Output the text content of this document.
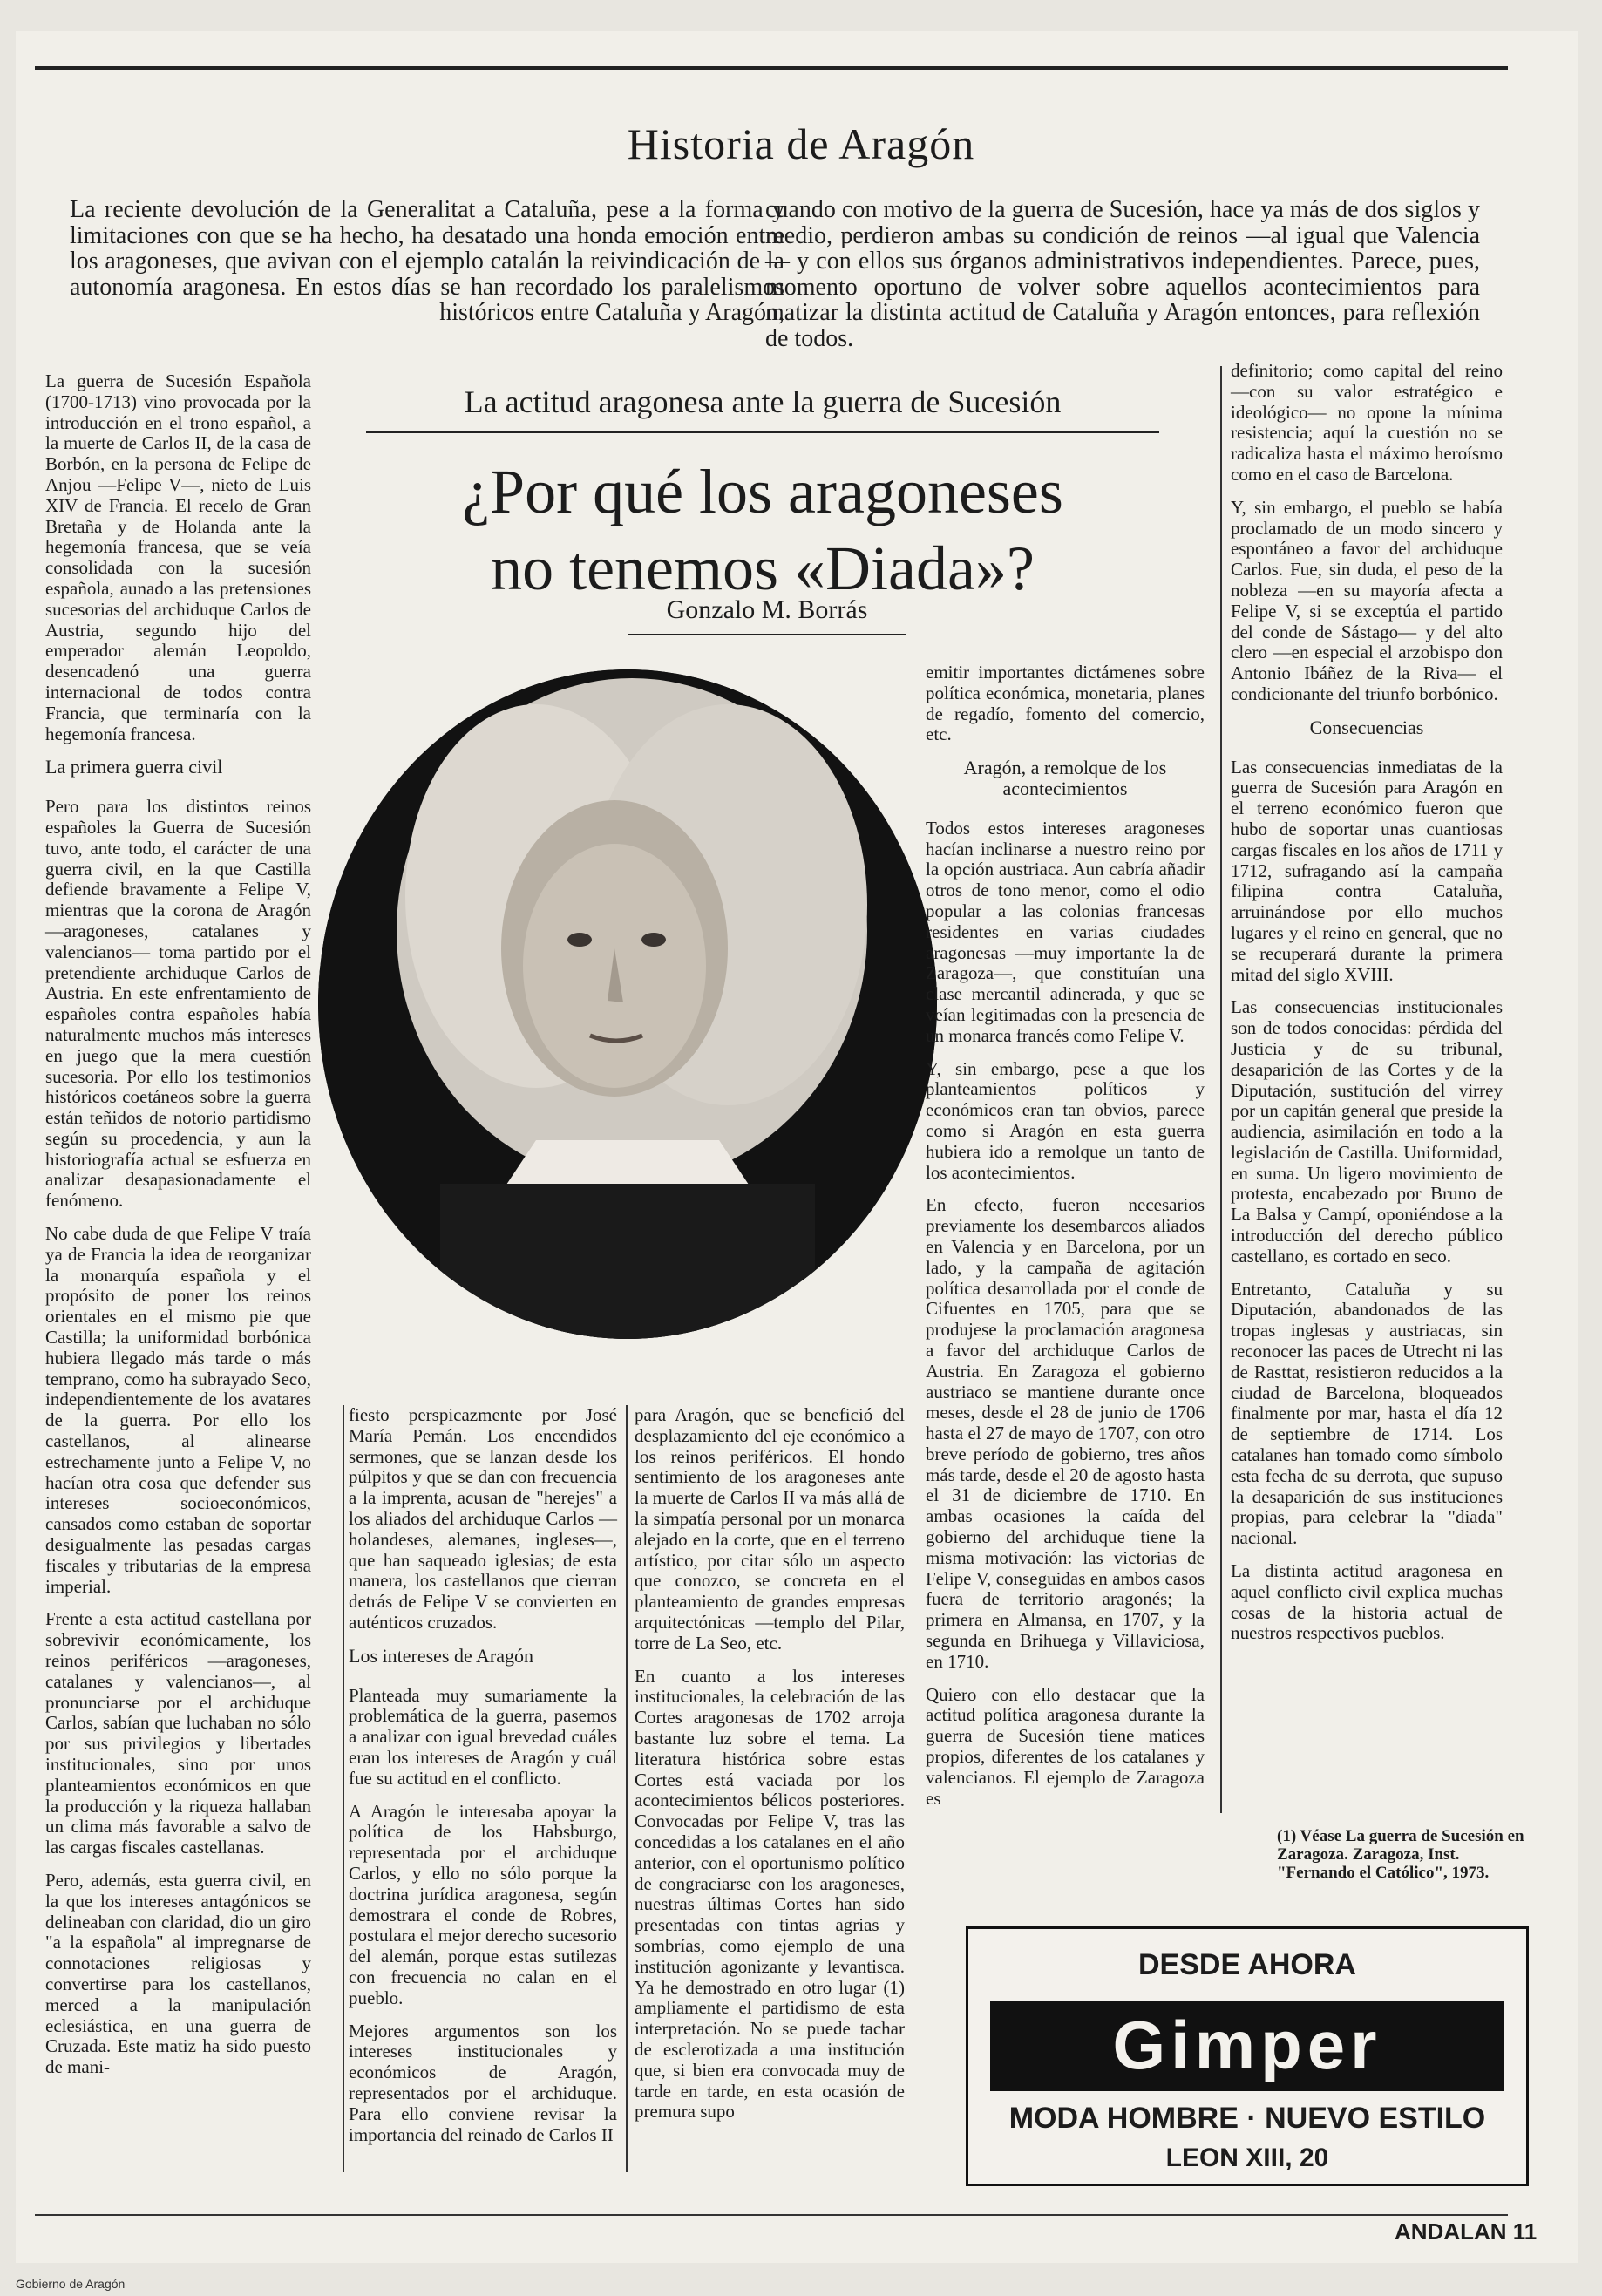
Historia de Aragón
La reciente devolución de la Generalitat a Cataluña, pese a la forma y limitaciones con que se ha hecho, ha desatado una honda emoción entre los aragoneses, que avivan con el ejemplo catalán la reivindicación de la autonomía aragonesa. En estos días se han recordado los paralelismos históricos entre Cataluña y Aragón,
cuando con motivo de la guerra de Sucesión, hace ya más de dos siglos y medio, perdieron ambas su condición de reinos —al igual que Valencia— y con ellos sus órganos administrativos independientes. Parece, pues, momento oportuno de volver sobre aquellos acontecimientos para matizar la distinta actitud de Cataluña y Aragón entonces, para reflexión de todos.
La actitud aragonesa ante la guerra de Sucesión
¿Por qué los aragoneses
no tenemos «Diada»?
Gonzalo M. Borrás

La guerra de Sucesión Española (1700-1713) vino provocada por la introducción en el trono español, a la muerte de Carlos II, de la casa de Borbón, en la persona de Felipe de Anjou —Felipe V—, nieto de Luis XIV de Francia. El recelo de Gran Bretaña y de Holanda ante la hegemonía francesa, que se veía consolidada con la sucesión española, aunado a las pretensiones sucesorias del archiduque Carlos de Austria, segundo hijo del emperador alemán Leopoldo, desencadenó una guerra internacional de todos contra Francia, que terminaría con la hegemonía francesa.

La primera guerra civil

Pero para los distintos reinos españoles la Guerra de Sucesión tuvo, ante todo, el carácter de una guerra civil, en la que Castilla defiende bravamente a Felipe V, mientras que la corona de Aragón —aragoneses, catalanes y valencianos— toma partido por el pretendiente archiduque Carlos de Austria. En este enfrentamiento de españoles contra españoles había naturalmente muchos más intereses en juego que la mera cuestión sucesoria. Por ello los testimonios históricos coetáneos sobre la guerra están teñidos de notorio partidismo según su procedencia, y aun la historiografía actual se esfuerza en analizar desapasionadamente el fenómeno.

No cabe duda de que Felipe V traía ya de Francia la idea de reorganizar la monarquía española y el propósito de poner los reinos orientales en el mismo pie que Castilla; la uniformidad borbónica hubiera llegado más tarde o más temprano, como ha subrayado Seco, independientemente de los avatares de la guerra. Por ello los castellanos, al alinearse estrechamente junto a Felipe V, no hacían otra cosa que defender sus intereses socioeconómicos, cansados como estaban de soportar desigualmente las pesadas cargas fiscales y tributarias de la empresa imperial.

Frente a esta actitud castellana por sobrevivir económicamente, los reinos periféricos —aragoneses, catalanes y valencianos—, al pronunciarse por el archiduque Carlos, sabían que luchaban no sólo por sus privilegios y libertades institucionales, sino por unos planteamientos económicos en que la producción y la riqueza hallaban un clima más favorable a salvo de las cargas fiscales castellanas.

Pero, además, esta guerra civil, en la que los intereses antagónicos se delineaban con claridad, dio un giro "a la española" al impregnarse de connotaciones religiosas y convertirse para los castellanos, merced a la manipulación eclesiástica, en una guerra de Cruzada. Este matiz ha sido puesto de mani-

fiesto perspicazmente por José María Pemán. Los encendidos sermones, que se lanzan desde los púlpitos y que se dan con frecuencia a la imprenta, acusan de "herejes" a los aliados del archiduque Carlos —holandeses, alemanes, ingleses—, que han saqueado iglesias; de esta manera, los castellanos que cierran detrás de Felipe V se convierten en auténticos cruzados.

Los intereses de Aragón

Planteada muy sumariamente la problemática de la guerra, pasemos a analizar con igual brevedad cuáles eran los intereses de Aragón y cuál fue su actitud en el conflicto.

A Aragón le interesaba apoyar la política de los Habsburgo, representada por el archiduque Carlos, y ello no sólo porque la doctrina jurídica aragonesa, según demostrara el conde de Robres, postulara el mejor derecho sucesorio del alemán, porque estas sutilezas con frecuencia no calan en el pueblo.

Mejores argumentos son los intereses institucionales y económicos de Aragón, representados por el archiduque. Para ello conviene revisar la importancia del reinado de Carlos II

para Aragón, que se benefició del desplazamiento del eje económico a los reinos periféricos. El hondo sentimiento de los aragoneses ante la muerte de Carlos II va más allá de la simpatía personal por un monarca alejado en la corte, que en el terreno artístico, por citar sólo un aspecto que conozco, se concreta en el planteamiento de grandes empresas arquitectónicas —templo del Pilar, torre de La Seo, etc.

En cuanto a los intereses institucionales, la celebración de las Cortes aragonesas de 1702 arroja bastante luz sobre el tema. La literatura histórica sobre estas Cortes está vaciada por los acontecimientos bélicos posteriores. Convocadas por Felipe V, tras las concedidas a los catalanes en el año anterior, con el oportunismo político de congraciarse con los aragoneses, nuestras últimas Cortes han sido presentadas con tintas agrias y sombrías, como ejemplo de una institución agonizante y levantisca. Ya he demostrado en otro lugar (1) ampliamente el partidismo de esta interpretación. No se puede tachar de esclerotizada a una institución que, si bien era convocada muy de tarde en tarde, en esta ocasión de premura supo

emitir importantes dictámenes sobre política económica, monetaria, planes de regadío, fomento del comercio, etc.

Aragón, a remolque de los acontecimientos

Todos estos intereses aragoneses hacían inclinarse a nuestro reino por la opción austriaca. Aun cabría añadir otros de tono menor, como el odio popular a las colonias francesas residentes en varias ciudades aragonesas —muy importante la de Zaragoza—, que constituían una clase mercantil adinerada, y que se veían legitimadas con la presencia de un monarca francés como Felipe V.

Y, sin embargo, pese a que los planteamientos políticos y económicos eran tan obvios, parece como si Aragón en esta guerra hubiera ido a remolque un tanto de los acontecimientos.

En efecto, fueron necesarios previamente los desembarcos aliados en Valencia y en Barcelona, por un lado, y la campaña de agitación política desarrollada por el conde de Cifuentes en 1705, para que se produjese la proclamación aragonesa a favor del archiduque Carlos de Austria. En Zaragoza el gobierno austriaco se mantiene durante once meses, desde el 28 de junio de 1706 hasta el 27 de mayo de 1707, con otro breve período de gobierno, tres años más tarde, desde el 20 de agosto hasta el 31 de diciembre de 1710. En ambas ocasiones la caída del gobierno del archiduque tiene la misma motivación: las victorias de Felipe V, conseguidas en ambos casos fuera de territorio aragonés; la primera en Almansa, en 1707, y la segunda en Brihuega y Villaviciosa, en 1710.

Quiero con ello destacar que la actitud política aragonesa durante la guerra de Sucesión tiene matices propios, diferentes de los catalanes y valencianos. El ejemplo de Zaragoza es

definitorio; como capital del reino —con su valor estratégico e ideológico— no opone la mínima resistencia; aquí la cuestión no se radicaliza hasta el máximo heroísmo como en el caso de Barcelona.

Y, sin embargo, el pueblo se había proclamado de un modo sincero y espontáneo a favor del archiduque Carlos. Fue, sin duda, el peso de la nobleza —en su mayoría afecta a Felipe V, si se exceptúa el partido del conde de Sástago— y del alto clero —en especial el arzobispo don Antonio Ibáñez de la Riva— el condicionante del triunfo borbónico.

Consecuencias

Las consecuencias inmediatas de la guerra de Sucesión para Aragón en el terreno económico fueron que hubo de soportar unas cuantiosas cargas fiscales en los años de 1711 y 1712, sufragando así la campaña filipina contra Cataluña, arruinándose por ello muchos lugares y el reino en general, que no se recuperará durante la primera mitad del siglo XVIII.

Las consecuencias institucionales son de todos conocidas: pérdida del Justicia y de su tribunal, desaparición de las Cortes y de la Diputación, sustitución del virrey por un capitán general que preside la audiencia, asimilación en todo a la legislación de Castilla. Uniformidad, en suma. Un ligero movimiento de protesta, encabezado por Bruno de La Balsa y Campí, oponiéndose a la introducción del derecho público castellano, es cortado en seco.

Entretanto, Cataluña y su Diputación, abandonados de las tropas inglesas y austriacas, sin reconocer las paces de Utrecht ni las de Rasttat, resistieron reducidos a la ciudad de Barcelona, bloqueados finalmente por mar, hasta el día 12 de septiembre de 1714. Los catalanes han tomado como símbolo esta fecha de su derrota, que supuso la desaparición de sus instituciones propias, para celebrar la "diada" nacional.

La distinta actitud aragonesa en aquel conflicto civil explica muchas cosas de la historia actual de nuestros respectivos pueblos.

(1) Véase La guerra de Sucesión en Zaragoza. Zaragoza, Inst. "Fernando el Católico", 1973.
DESDE AHORA
Gimper
MODA HOMBRE · NUEVO ESTILO
LEON XIII, 20
ANDALAN 11
Gobierno de Aragón
